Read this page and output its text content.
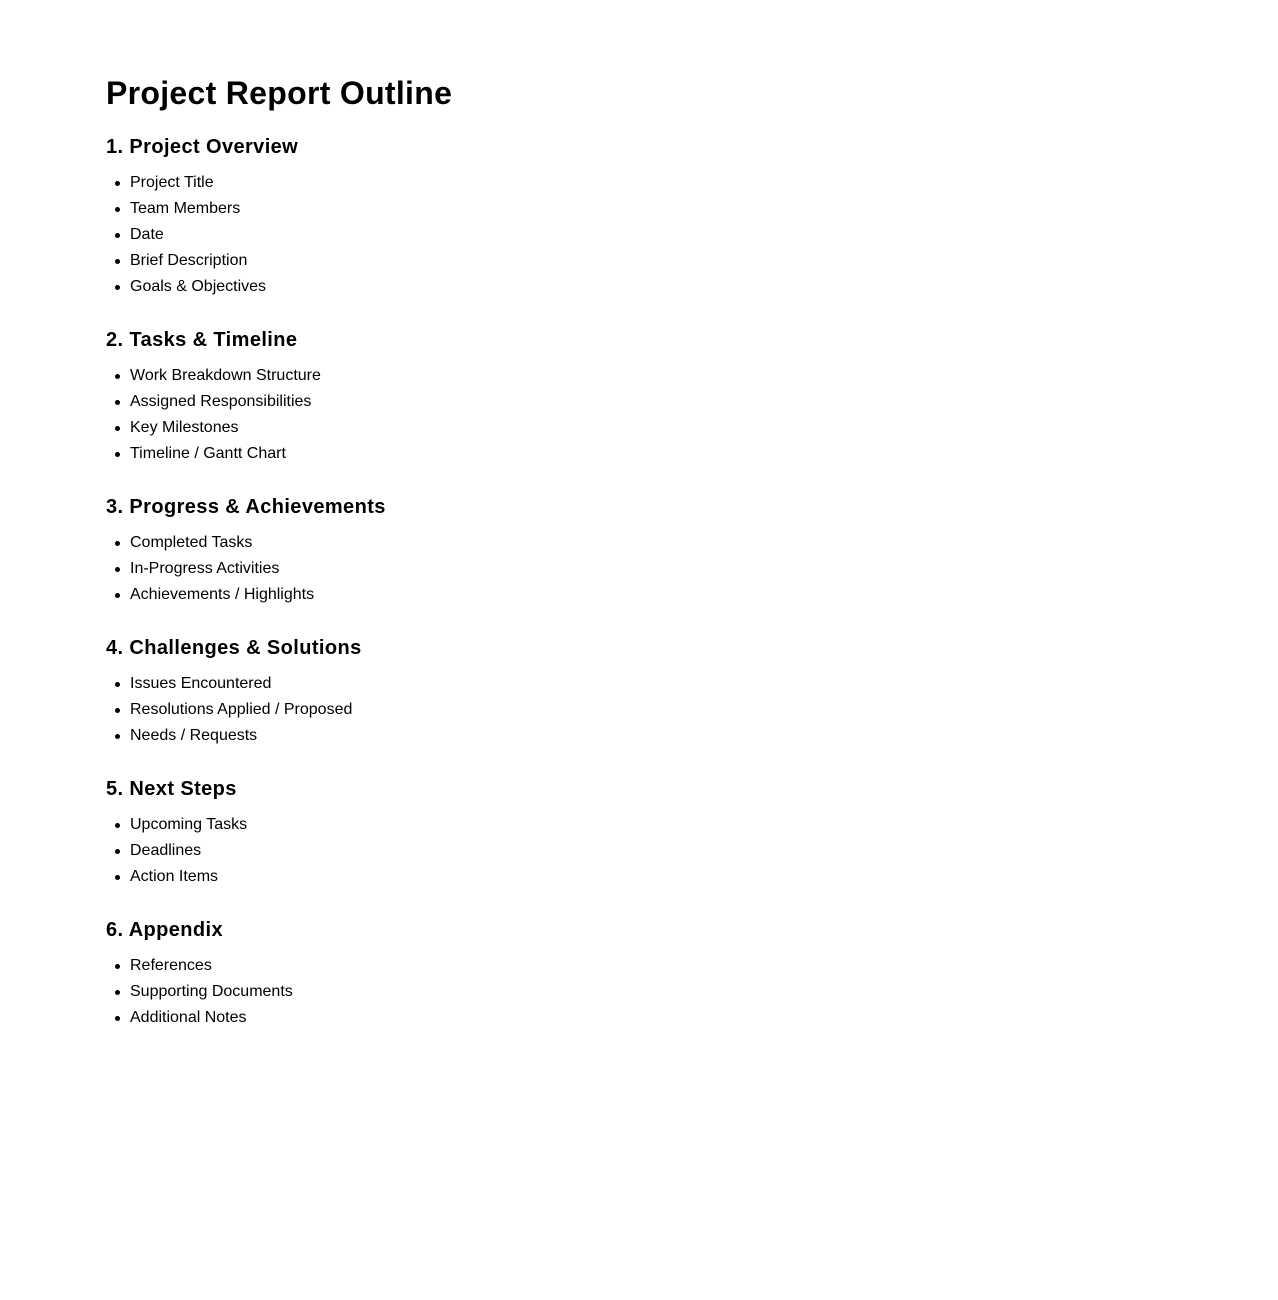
Project Report Outline
1. Project Overview
Project Title
Team Members
Date
Brief Description
Goals & Objectives
2. Tasks & Timeline
Work Breakdown Structure
Assigned Responsibilities
Key Milestones
Timeline / Gantt Chart
3. Progress & Achievements
Completed Tasks
In-Progress Activities
Achievements / Highlights
4. Challenges & Solutions
Issues Encountered
Resolutions Applied / Proposed
Needs / Requests
5. Next Steps
Upcoming Tasks
Deadlines
Action Items
6. Appendix
References
Supporting Documents
Additional Notes
